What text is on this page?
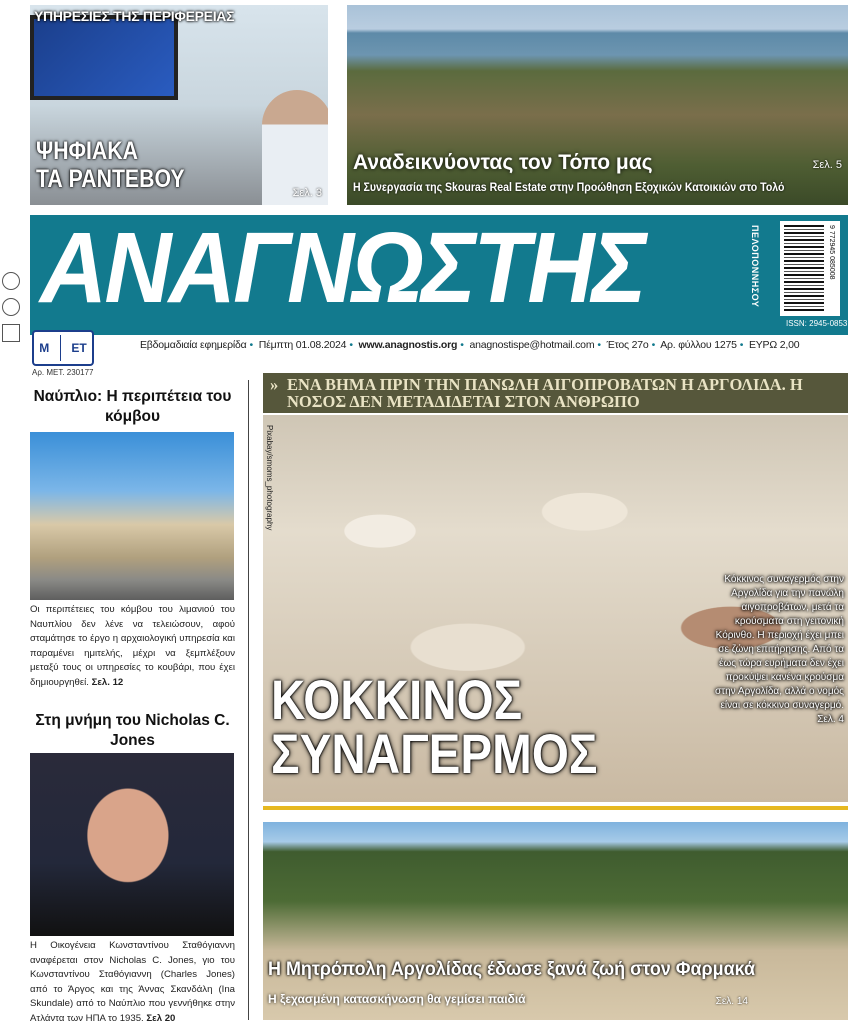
ΥΠΗΡΕΣΙΕΣ ΤΗΣ ΠΕΡΙΦΕΡΕΙΑΣ
ΨΗΦΙΑΚΑ
ΤΑ ΡΑΝΤΕΒΟΥ	Σελ. 3
Αναδεικνύοντας τον Τόπο μας
Η Συνεργασία της Skouras Real Estate στην Προώθηση Εξοχικών Κατοικιών στο Τολό
Σελ. 5
ΑΝΑΓΝΩΣΤΗΣ	ΠΕΛΟΠΟΝΝΗΣΟΥ	9 772945 085008
ISSN: 2945-0853
Μ ΕΤ
Αρ. ΜΕΤ. 230177
Εβδομαδιαία εφημερίδα • Πέμπτη 01.08.2024 • www.anagnostis.org • anagnostispe@hotmail.com • Έτος 27ο • Αρ. φύλλου 1275 • ΕΥΡΩ 2,00
Ναύπλιο: Η περιπέτεια του κόμβου
Οι περιπέτειες του κόμβου του λιμανιού του Ναυπλίου δεν λένε να τελειώσουν, αφού σταμάτησε το έργο η αρχαιολογική υπηρεσία και παραμένει ημιτελής, μέχρι να ξεμπλέξουν μεταξύ τους οι υπηρεσίες το κουβάρι, που έχει δημιουργηθεί. Σελ. 12
Στη μνήμη του Nicholas C. Jones
Η Οικογένεια Κωνσταντίνου Σταθόγιαννη αναφέρεται στον Nicholas C. Jones, γιο του Κωνσταντίνου Σταθόγιαννη (Charles Jones) από το Άργος και της Άννας Σκανδάλη (Ina Skundale) από το Ναύπλιο που γεννήθηκε στην Ατλάντα των ΗΠΑ το 1935. Σελ 20
» ΕΝΑ ΒΗΜΑ ΠΡΙΝ ΤΗΝ ΠΑΝΩΛΗ ΑΙΓΟΠΡΟΒΑΤΩΝ Η ΑΡΓΟΛΙΔΑ. Η ΝΟΣΟΣ ΔΕΝ ΜΕΤΑΔΙΔΕΤΑΙ ΣΤΟΝ ΑΝΘΡΩΠΟ
Pixabay/smoms_photography
ΚΟΚΚΙΝΟΣ
ΣΥΝΑΓΕΡΜΟΣ
Κόκκινος συναγερμός στην Αργολίδα για την πανώλη αιγοπροβάτων, μετά τα κρούσματα στη γειτονική Κόρινθο. Η περιοχή έχει μπει σε ζώνη επιτήρησης. Από τα έως τώρα ευρήματα δεν έχει προκύψει κανένα κρούσμα στην Αργολίδα, αλλά ο νομός είναι σε κόκκινο συναγερμό.
Σελ. 4
Η Μητρόπολη Αργολίδας έδωσε ξανά ζωή στον Φαρμακά
Η ξεχασμένη κατασκήνωση θα γεμίσει παιδιά	Σελ. 14
